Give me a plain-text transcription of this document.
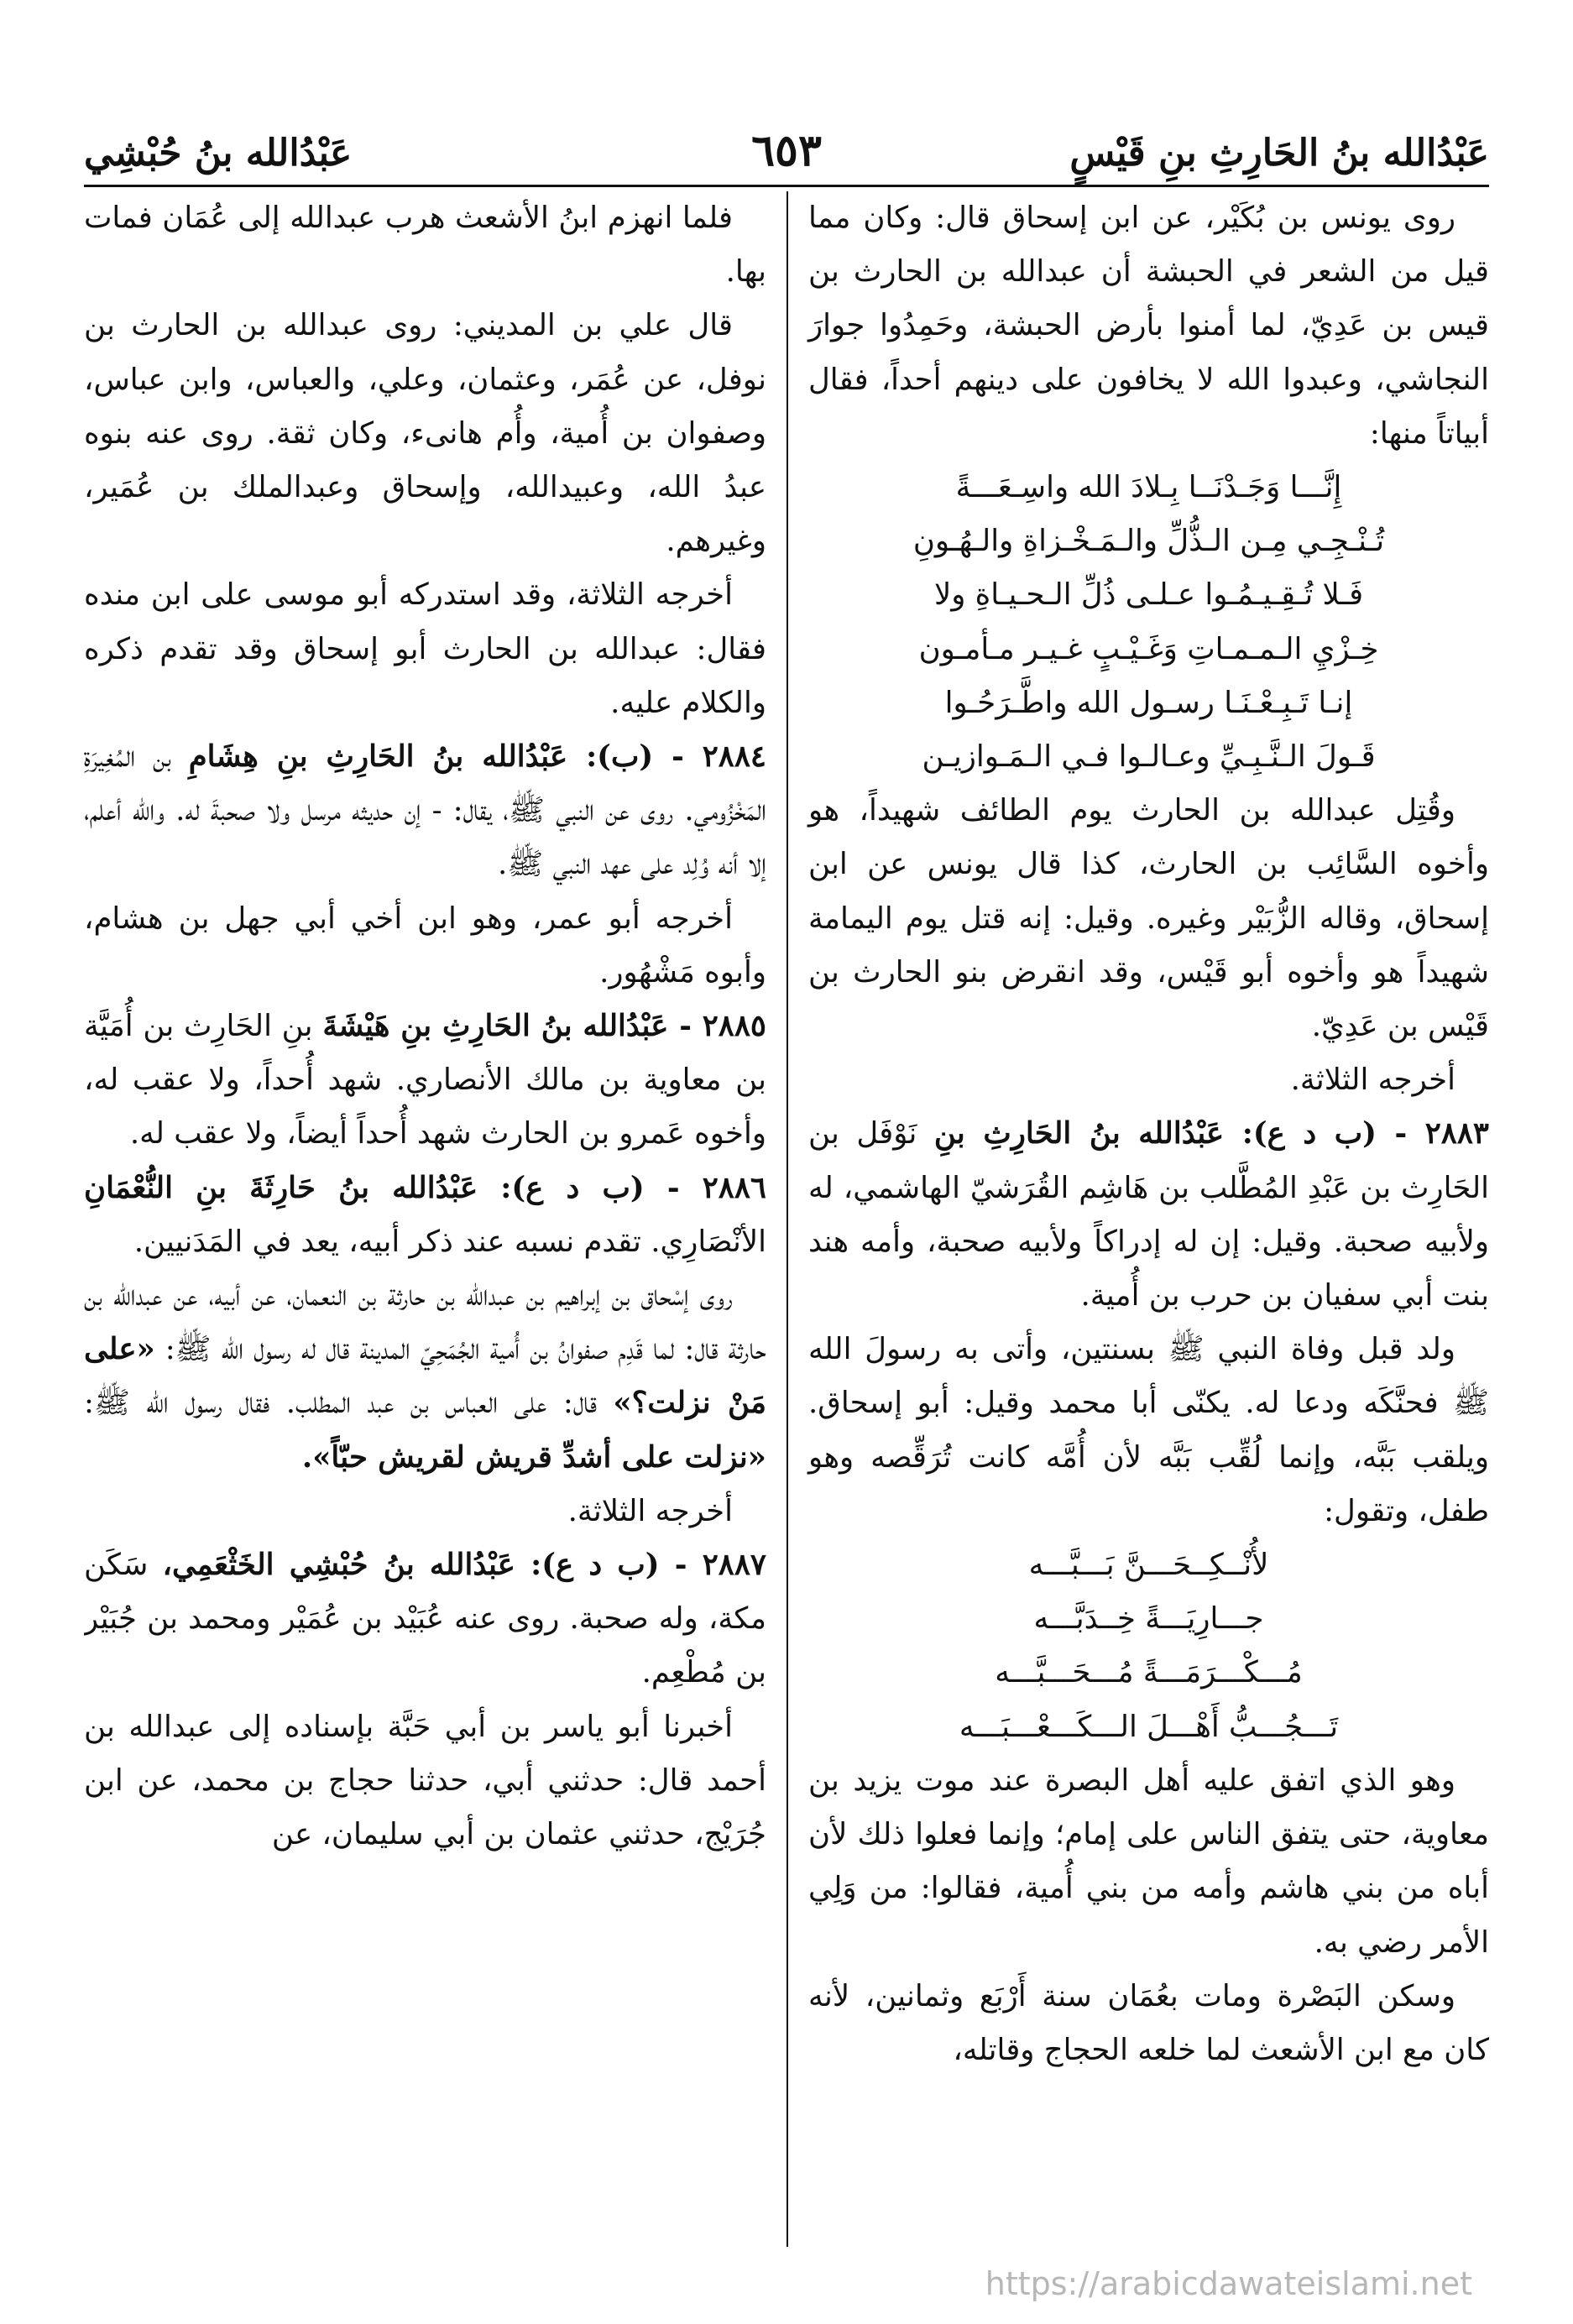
عَبْدُالله بنُ الحَارِثِ بنِ قَيْسٍ
٦٥٣
عَبْدُالله بنُ حُبْشِي

روى يونس بن بُكَيْر، عن ابن إسحاق قال: وكان مما قيل من الشعر في الحبشة أن عبدالله بن الحارث بن قيس بن عَدِيّ، لما أمنوا بأرض الحبشة، وحَمِدُوا جوارَ النجاشي، وعبدوا الله لا يخافون على دينهم أحداً، فقال أبياتاً منها:

إِنَّـــا وَجَـدْنَــا بِـلادَ الله واسِـعَـــةً
تُـنْـجِـي مِـن الـذُّلِّ والـمَـخْـزاةِ والـهُـونِ
فَـلا تُـقِـيـمُـوا عـلـى ذُلِّ الـحـيـاةِ ولا
خِـزْيِ الـمـمـاتِ وَغَـيْـبٍ غـيـر مـأمـون
إنـا تَـبِـعْـنَـا رسـول الله واطَّـرَحُـوا
قَـولَ الـنَّـبِـيِّ وعـالـوا فـي الـمَـوازيـن

وقُتِل عبدالله بن الحارث يوم الطائف شهيداً، هو وأخوه السَّائِب بن الحارث، كذا قال يونس عن ابن إسحاق، وقاله الزُّبَيْر وغيره. وقيل: إنه قتل يوم اليمامة شهيداً هو وأخوه أبو قَيْس، وقد انقرض بنو الحارث بن قَيْس بن عَدِيّ.

أخرجه الثلاثة.

٢٨٨٣ - (ب د ع): عَبْدُالله بنُ الحَارِثِ بنِ نَوْفَل بن الحَارِث بن عَبْدِ المُطَّلب بن هَاشِم القُرَشيّ الهاشمي، له ولأبيه صحبة. وقيل: إن له إدراكاً ولأبيه صحبة، وأمه هند بنت أبي سفيان بن حرب بن أُمية.

ولد قبل وفاة النبي ﷺ بسنتين، وأتى به رسولَ الله ﷺ فحنَّكَه ودعا له. يكنّى أبا محمد وقيل: أبو إسحاق. ويلقب بَبَّه، وإنما لُقِّب بَبَّه لأن أُمَّه كانت تُرَقِّصه وهو طفل، وتقول:

لأُنْــكِــحَـــنَّ بَـــبَّـــه
جـــارِيَـــةً خِــدَبَّـــه
مُـــكْـــرَمَـــةً مُـــحَـــبَّـــه
تَـــجُـــبُّ أَهْـــلَ الـــكَـــعْـــبَـــه

وهو الذي اتفق عليه أهل البصرة عند موت يزيد بن معاوية، حتى يتفق الناس على إمام؛ وإنما فعلوا ذلك لأن أباه من بني هاشم وأمه من بني أُمية، فقالوا: من وَلِي الأمر رضي به.

وسكن البَصْرة ومات بعُمَان سنة أَرْبَع وثمانين، لأنه كان مع ابن الأشعث لما خلعه الحجاج وقاتله،

فلما انهزم ابنُ الأشعث هرب عبدالله إلى عُمَان فمات بها.

قال علي بن المديني: روى عبدالله بن الحارث بن نوفل، عن عُمَر، وعثمان، وعلي، والعباس، وابن عباس، وصفوان بن أُمية، وأُم هانىء، وكان ثقة. روى عنه بنوه عبدُ الله، وعبيدالله، وإسحاق وعبدالملك بن عُمَير، وغيرهم.

أخرجه الثلاثة، وقد استدركه أبو موسى على ابن منده فقال: عبدالله بن الحارث أبو إسحاق وقد تقدم ذكره والكلام عليه.

٢٨٨٤ - (ب): عَبْدُالله بنُ الحَارِثِ بنِ هِشَامِ بن المُغِيرَةِ المَخْزُومي. روى عن النبي ﷺ، يقال: - إن حديثه مرسل ولا صحبةَ له. والله أعلم، إلا أنه وُلِد على عهد النبي ﷺ.

أخرجه أبو عمر، وهو ابن أخي أبي جهل بن هشام، وأبوه مَشْهُور.

٢٨٨٥ - عَبْدُالله بنُ الحَارِثِ بنِ هَيْشَةَ بنِ الحَارِث بن أُمَيَّة بن معاوية بن مالك الأنصاري. شهد أُحداً، ولا عقب له، وأخوه عَمرو بن الحارث شهد أُحداً أيضاً، ولا عقب له.

٢٨٨٦ - (ب د ع): عَبْدُالله بنُ حَارِثَةَ بنِ النُّعْمَانِ الأنْصَارِي. تقدم نسبه عند ذكر أبيه، يعد في المَدَنيين.

روى إسْحاق بن إبراهيم بن عبدالله بن حارثة بن النعمان، عن أبيه، عن عبدالله بن حارثة قال: لما قَدِم صفوانُ بن أُمية الجُمَحِيّ المدينة قال له رسول الله ﷺ: «على مَنْ نزلت؟» قال: على العباس بن عبد المطلب. فقال رسول الله ﷺ: «نزلت على أشدِّ قريش لقريش حبّاً».

أخرجه الثلاثة.

٢٨٨٧ - (ب د ع): عَبْدُالله بنُ حُبْشِي الخَثْعَمِي، سَكَن مكة، وله صحبة. روى عنه عُبَيْد بن عُمَيْر ومحمد بن جُبَيْر بن مُطْعِم.

أخبرنا أبو ياسر بن أبي حَبَّة بإسناده إلى عبدالله بن أحمد قال: حدثني أبي، حدثنا حجاج بن محمد، عن ابن جُرَيْج، حدثني عثمان بن أبي سليمان، عن

https://arabicdawateislami.net
